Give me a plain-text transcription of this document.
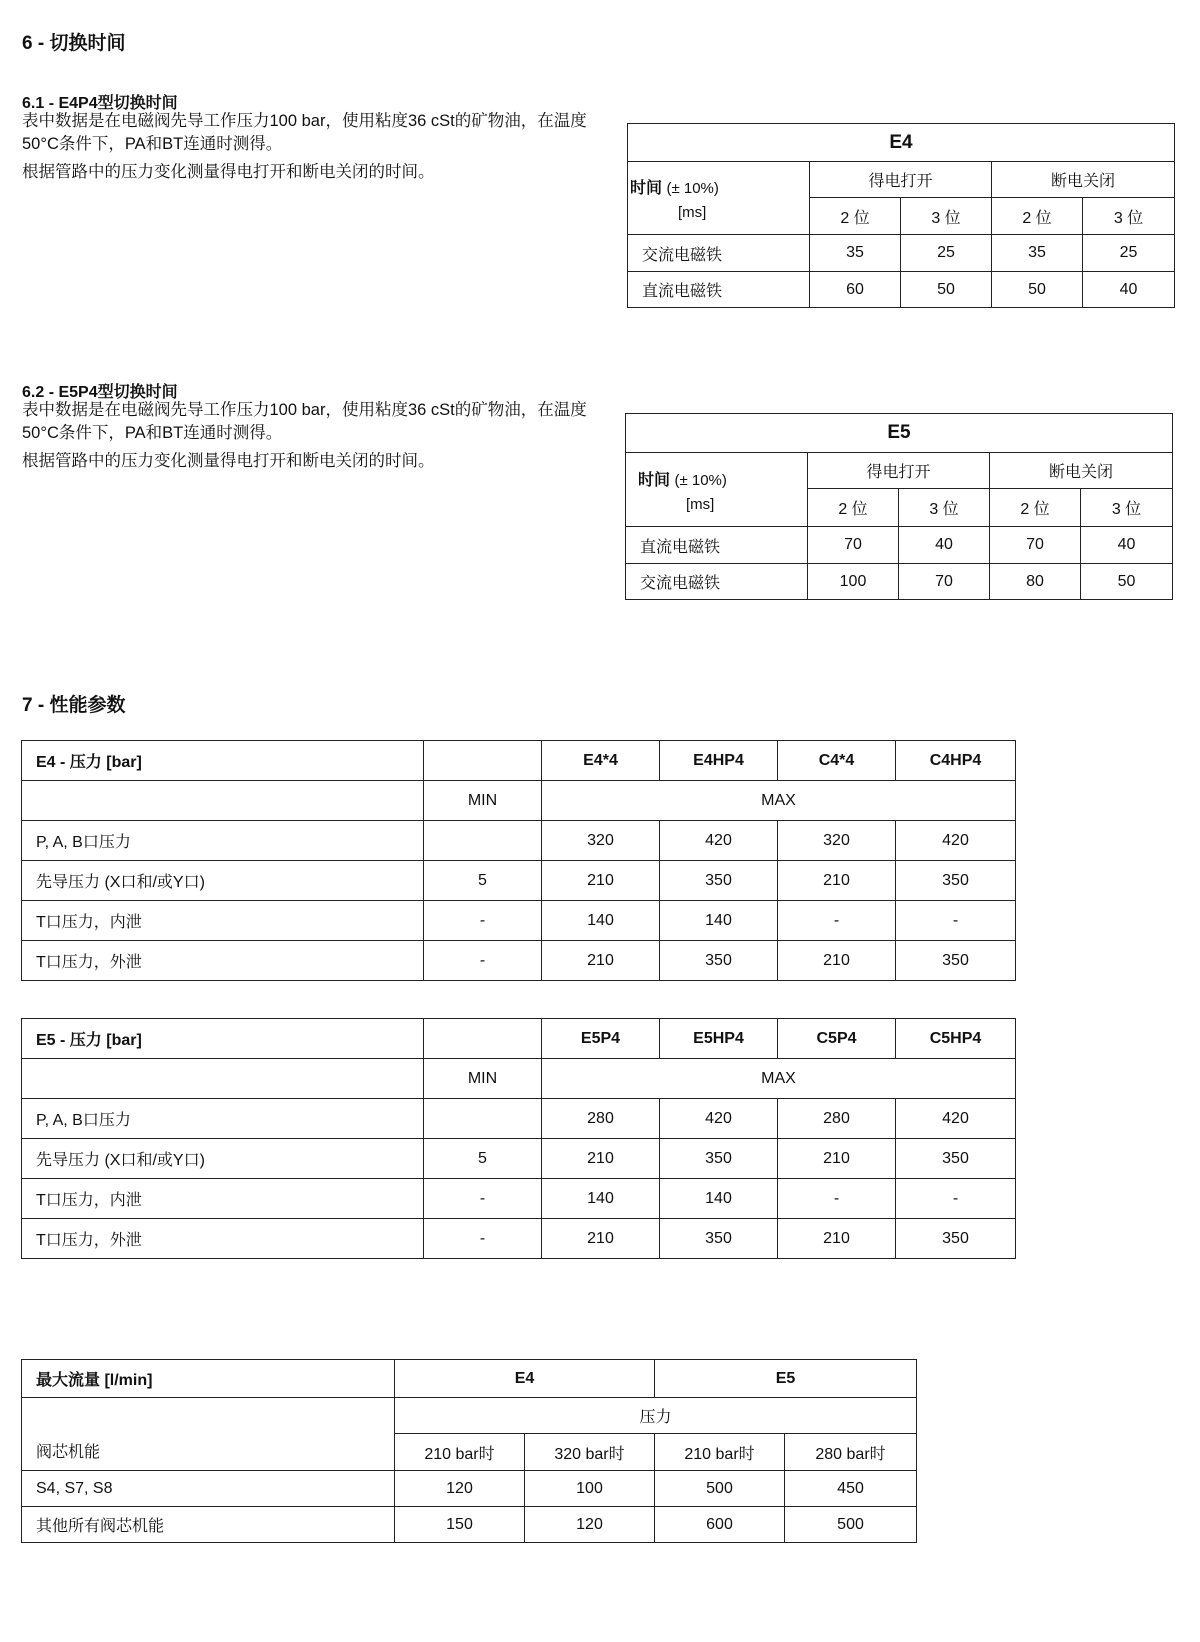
6 - 切换时间
6.1 - E4P4型切换时间

表中数据是在电磁阀先导工作压力100 bar，使用粘度36 cSt的矿物油，在温度50°C条件下，PA和BT连通时测得。

根据管路中的压力变化测量得电打开和断电关闭的时间。

E4				

时间 (± 10%)
[ms]	得电打开		断电关闭	
	2 位	3 位	2 位	3 位
交流电磁铁	35	25	35	25
直流电磁铁	60	50	50	40
6.2 - E5P4型切换时间

表中数据是在电磁阀先导工作压力100 bar，使用粘度36 cSt的矿物油，在温度50°C条件下，PA和BT连通时测得。

根据管路中的压力变化测量得电打开和断电关闭的时间。

E5				

时间 (± 10%)
[ms]	得电打开		断电关闭	
	2 位	3 位	2 位	3 位
直流电磁铁	70	40	70	40
交流电磁铁	100	70	80	50
7 - 性能参数
E4 - 压力 [bar]		E4*4	E4HP4	C4*4	C4HP4
	MIN	MAX			
P, A, B口压力		320	420	320	420
先导压力 (X口和/或Y口)	5	210	350	210	350
T口压力，内泄	-	140	140	-	-
T口压力，外泄	-	210	350	210	350
E5 - 压力 [bar]		E5P4	E5HP4	C5P4	C5HP4
	MIN	MAX			
P, A, B口压力		280	420	280	420
先导压力 (X口和/或Y口)	5	210	350	210	350
T口压力，内泄	-	140	140	-	-
T口压力，外泄	-	210	350	210	350
最大流量 [l/min]	E4		E5	
阀芯机能	压力			
	210 bar时	320 bar时	210 bar时	280 bar时
S4, S7, S8	120	100	500	450
其他所有阀芯机能	150	120	600	500
